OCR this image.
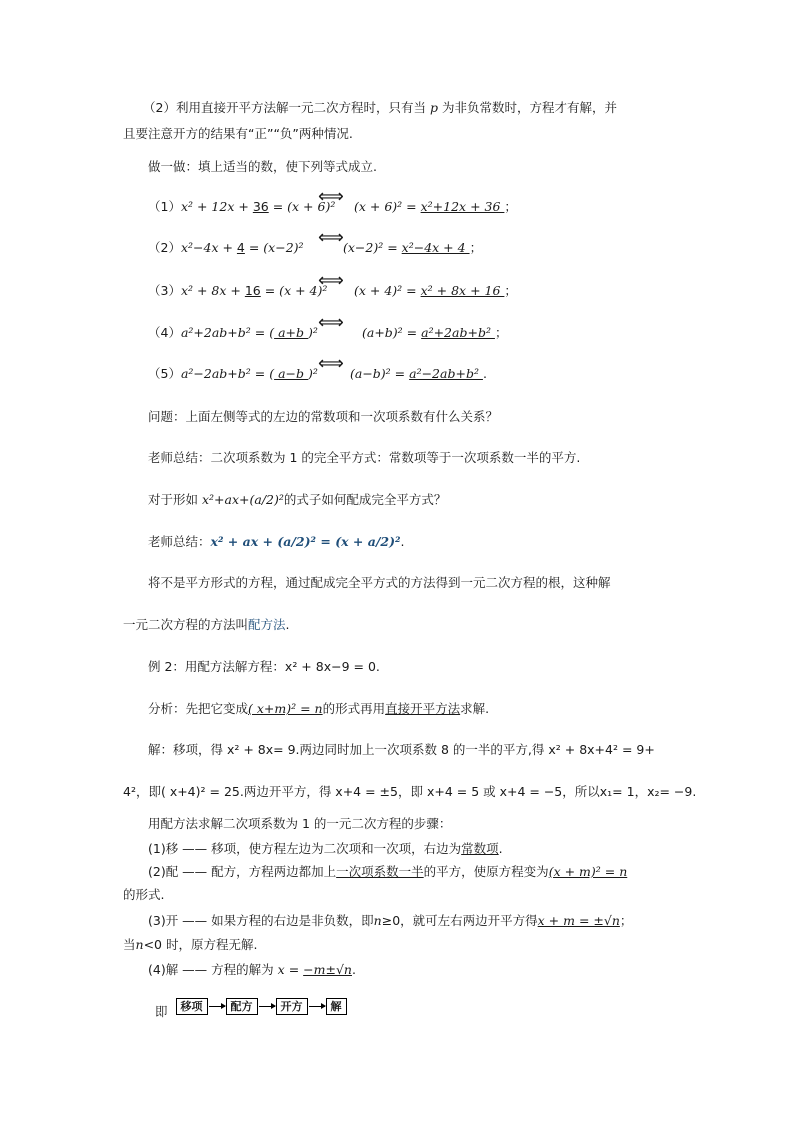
（2）利用直接开平方法解一元二次方程时，只有当 p 为非负常数时，方程才有解，并
且要注意开方的结果有“正”“负”两种情况.
做一做：填上适当的数，使下列等式成立.
（1）x² + 12x + 36 = (x + 6)²
⟺ (x + 6)² = x²+12x + 36 ；
（2）x²−4x + 4 = (x−2)² ⟺ (x−2)² = x²−4x + 4 ；
（3）x² + 8x + 16 = (x + 4)²
⟺ (x + 4)² = x² + 8x + 16 ；
（4）a²+2ab+b² = ( a+b )² ⟺ (a+b)² = a²+2ab+b² ；
（5）a²−2ab+b² = ( a−b )² ⟺ (a−b)² = a²−2ab+b² .
问题：上面左侧等式的左边的常数项和一次项系数有什么关系？
老师总结：二次项系数为 1 的完全平方式：常数项等于一次项系数一半的平方.
对于形如 x²+ax+(a/2)²的式子如何配成完全平方式？
老师总结：x² + ax + (a/2)² = (x + a/2)².
将不是平方形式的方程，通过配成完全平方式的方法得到一元二次方程的根，这种解
一元二次方程的方法叫配方法.
例 2：用配方法解方程：x² + 8x−9 = 0.
分析：先把它变成( x+m)² = n的形式再用直接开平方法求解.
解：移项，得 x² + 8x= 9.两边同时加上一次项系数 8 的一半的平方,得 x² + 8x+4² = 9+
4²，即( x+4)² = 25.两边开平方，得 x+4 = ±5，即 x+4 = 5 或 x+4 = −5，所以x₁= 1，x₂= −9.
用配方法求解二次项系数为 1 的一元二次方程的步骤：
(1)移 —— 移项，使方程左边为二次项和一次项，右边为常数项.
(2)配 —— 配方，方程两边都加上一次项系数一半的平方，使原方程变为(x + m)² = n
的形式.
(3)开 —— 如果方程的右边是非负数，即n≥0，就可左右两边开平方得x + m = ±√n；
当n<0 时，原方程无解.
(4)解 —— 方程的解为 x = −m±√n.
即	移项	配方	开方	解
